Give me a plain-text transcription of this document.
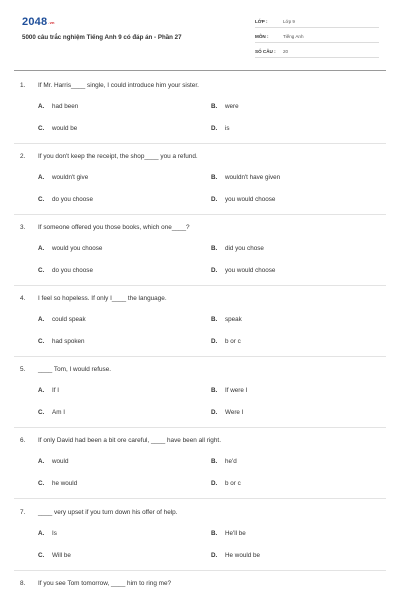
2048.vn
5000 câu trắc nghiệm Tiếng Anh 9 có đáp án - Phần 27
LỚP :	Lớp 9
MÔN :	Tiếng Anh
SỐ CÂU : 20
1. If Mr. Harris____ single, I could introduce him your sister.
A. had been	B. were
C. would be	D. is
2. If you don't keep the receipt, the shop____ you a refund.
A. wouldn't give	B. wouldn't have given
C. do you choose	D. you would choose
3. If someone offered you those books, which one____?
A. would you choose	B. did you chose
C. do you choose	D. you would choose
4. I feel so hopeless. If only I____ the language.
A. could speak	B. speak
C. had spoken	D. b or c
5. ____ Tom, I would refuse.
A. If I	B. If were I
C. Am I	D. Were I
6. If only David had been a bit ore careful, ____ have been all right.
A. would	B. he'd
C. he would	D. b or c
7. ____ very upset if you turn down his offer of help.
A. Is	B. He'll be
C. Will be	D. He would be
8. If you see Tom tomorrow, ____ him to ring me?
